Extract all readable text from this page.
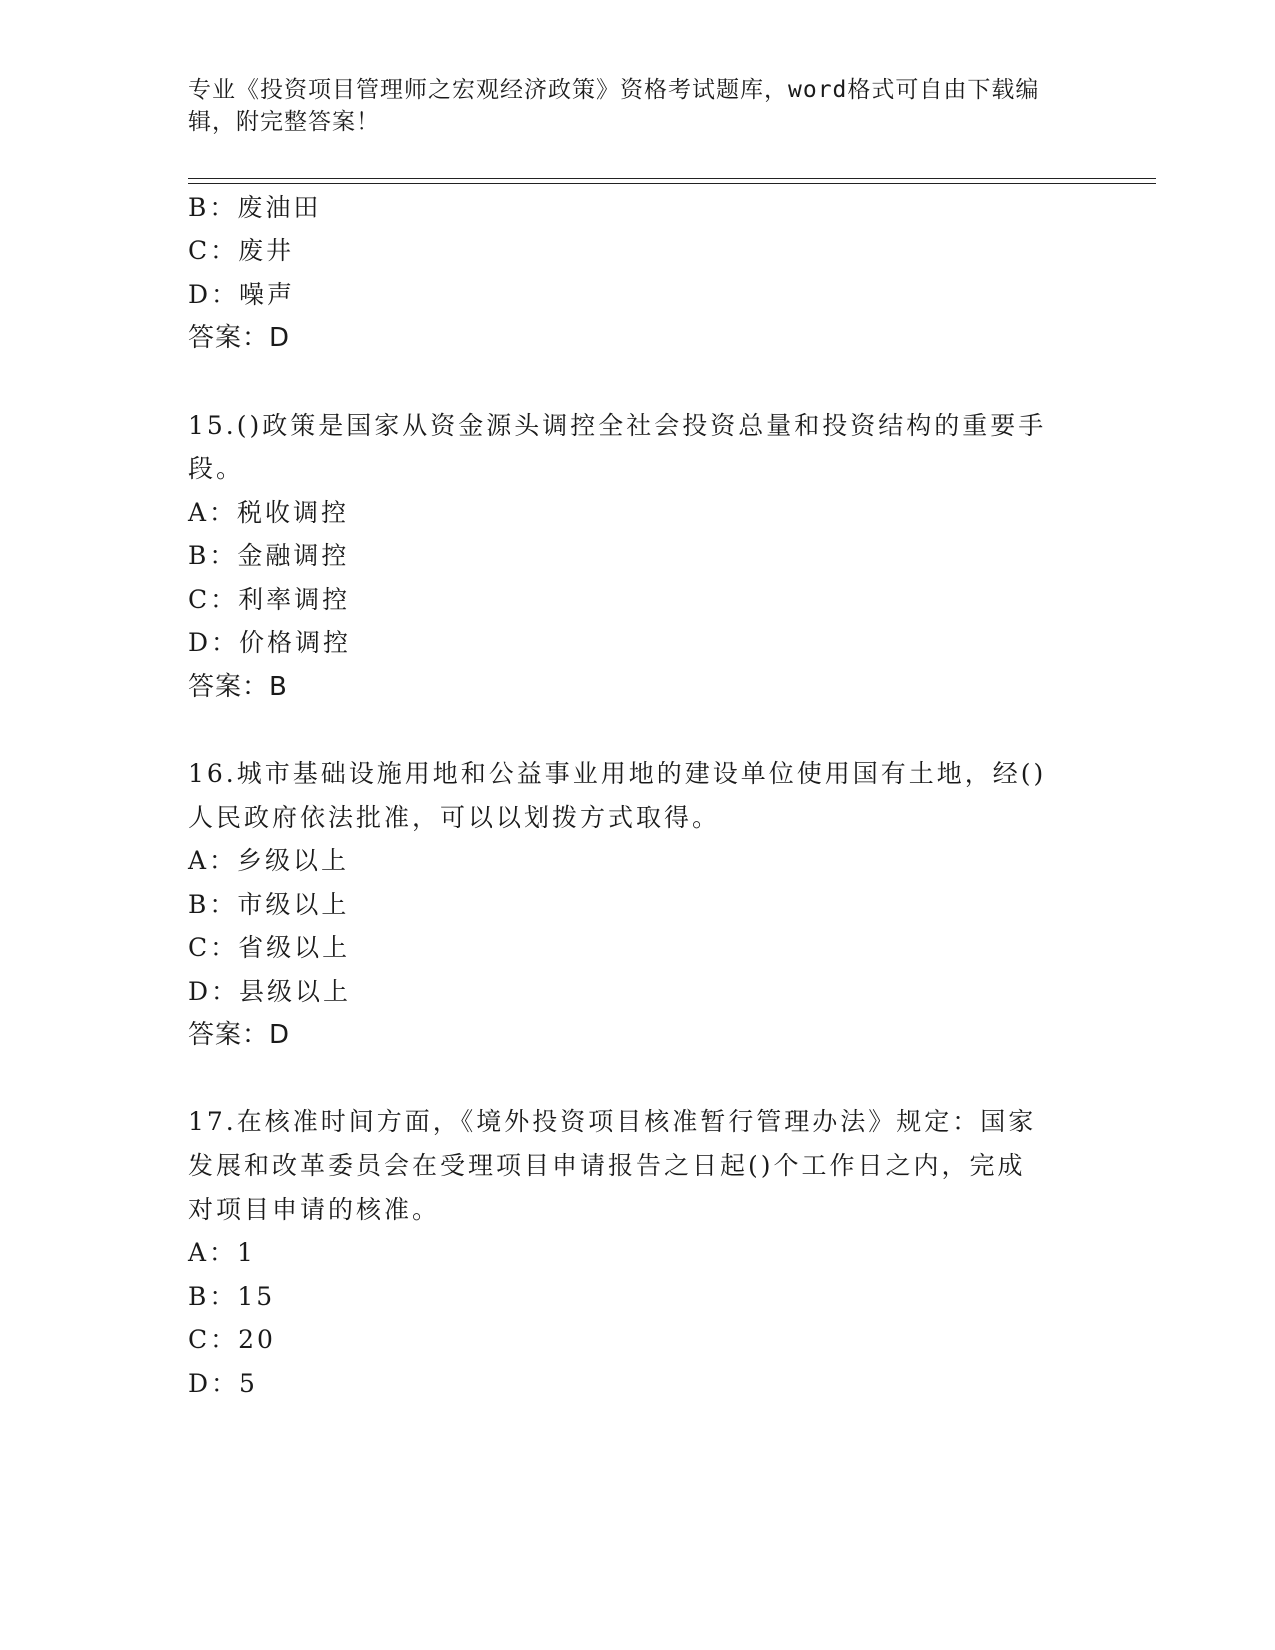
专业《投资项目管理师之宏观经济政策》资格考试题库，word格式可自由下载编辑，附完整答案！
B：废油田
C：废井
D：噪声
答案：D
15.()政策是国家从资金源头调控全社会投资总量和投资结构的重要手
段。
A：税收调控
B：金融调控
C：利率调控
D：价格调控
答案：B
16.城市基础设施用地和公益事业用地的建设单位使用国有土地，经()
人民政府依法批准，可以以划拨方式取得。
A：乡级以上
B：市级以上
C：省级以上
D：县级以上
答案：D
17.在核准时间方面，《境外投资项目核准暂行管理办法》规定：国家
发展和改革委员会在受理项目申请报告之日起()个工作日之内，完成
对项目申请的核准。
A：1
B：15
C：20
D：5
